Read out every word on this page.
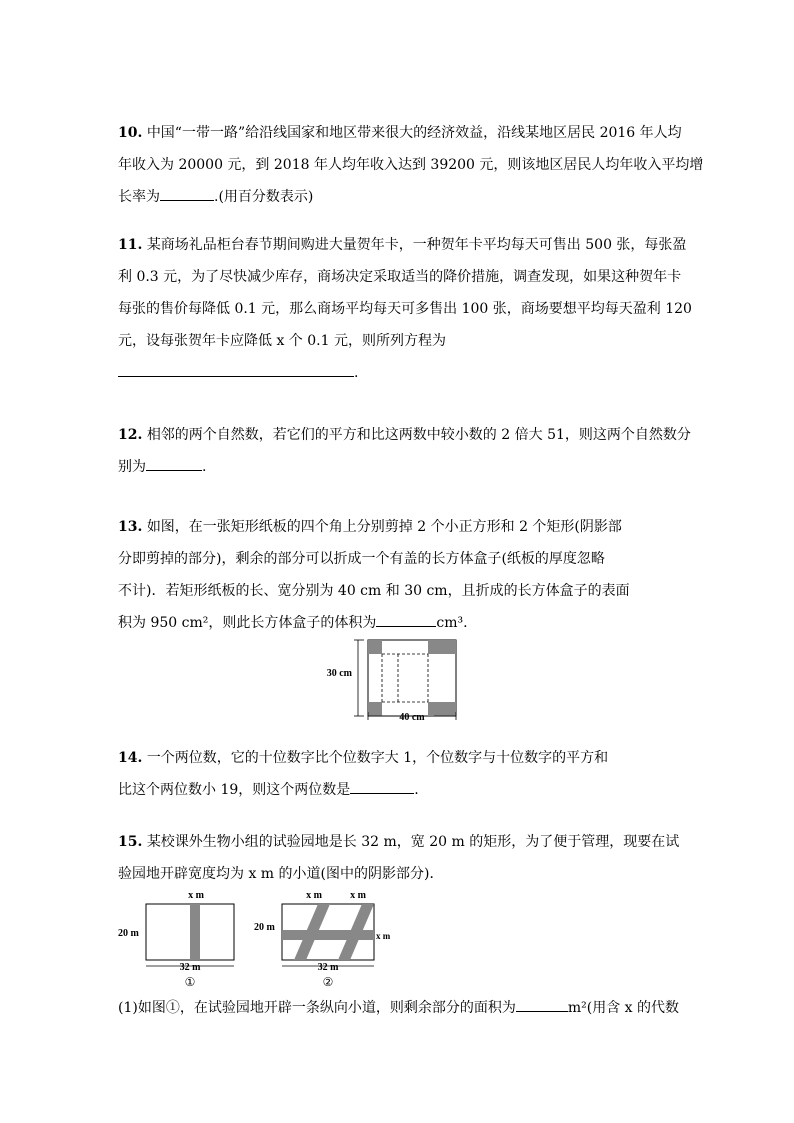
10. 中国“一带一路”给沿线国家和地区带来很大的经济效益，沿线某地区居民 2016 年人均
年收入为 20000 元，到 2018 年人均年收入达到 39200 元，则该地区居民人均年收入平均增
长率为	.(用百分数表示)
11. 某商场礼品柜台春节期间购进大量贺年卡，一种贺年卡平均每天可售出 500 张，每张盈
利 0.3 元，为了尽快减少库存，商场决定采取适当的降价措施，调查发现，如果这种贺年卡
每张的售价每降低 0.1 元，那么商场平均每天可多售出 100 张，商场要想平均每天盈利 120
元，设每张贺年卡应降低 x 个 0.1 元，则所列方程为
.
12. 相邻的两个自然数，若它们的平方和比这两数中较小数的 2 倍大 51，则这两个自然数分
别为	.
13. 如图，在一张矩形纸板的四个角上分别剪掉 2 个小正方形和 2 个矩形(阴影部
分即剪掉的部分)，剩余的部分可以折成一个有盖的长方体盒子(纸板的厚度忽略
不计)．若矩形纸板的长、宽分别为 40 cm 和 30 cm，且折成的长方体盒子的表面
积为 950 cm²，则此长方体盒子的体积为	cm³.
30 cm
40 cm
14. 一个两位数，它的十位数字比个位数字大 1，个位数字与十位数字的平方和
比这个两位数小 19，则这个两位数是	.
15. 某校课外生物小组的试验园地是长 32 m，宽 20 m 的矩形，为了便于管理，现要在试
验园地开辟宽度均为 x m 的小道(图中的阴影部分)．
x m
20 m
32 m
①
x m	x m
20 m
x m
32 m
②
(1)如图①，在试验园地开辟一条纵向小道，则剩余部分的面积为	m²(用含 x 的代数
